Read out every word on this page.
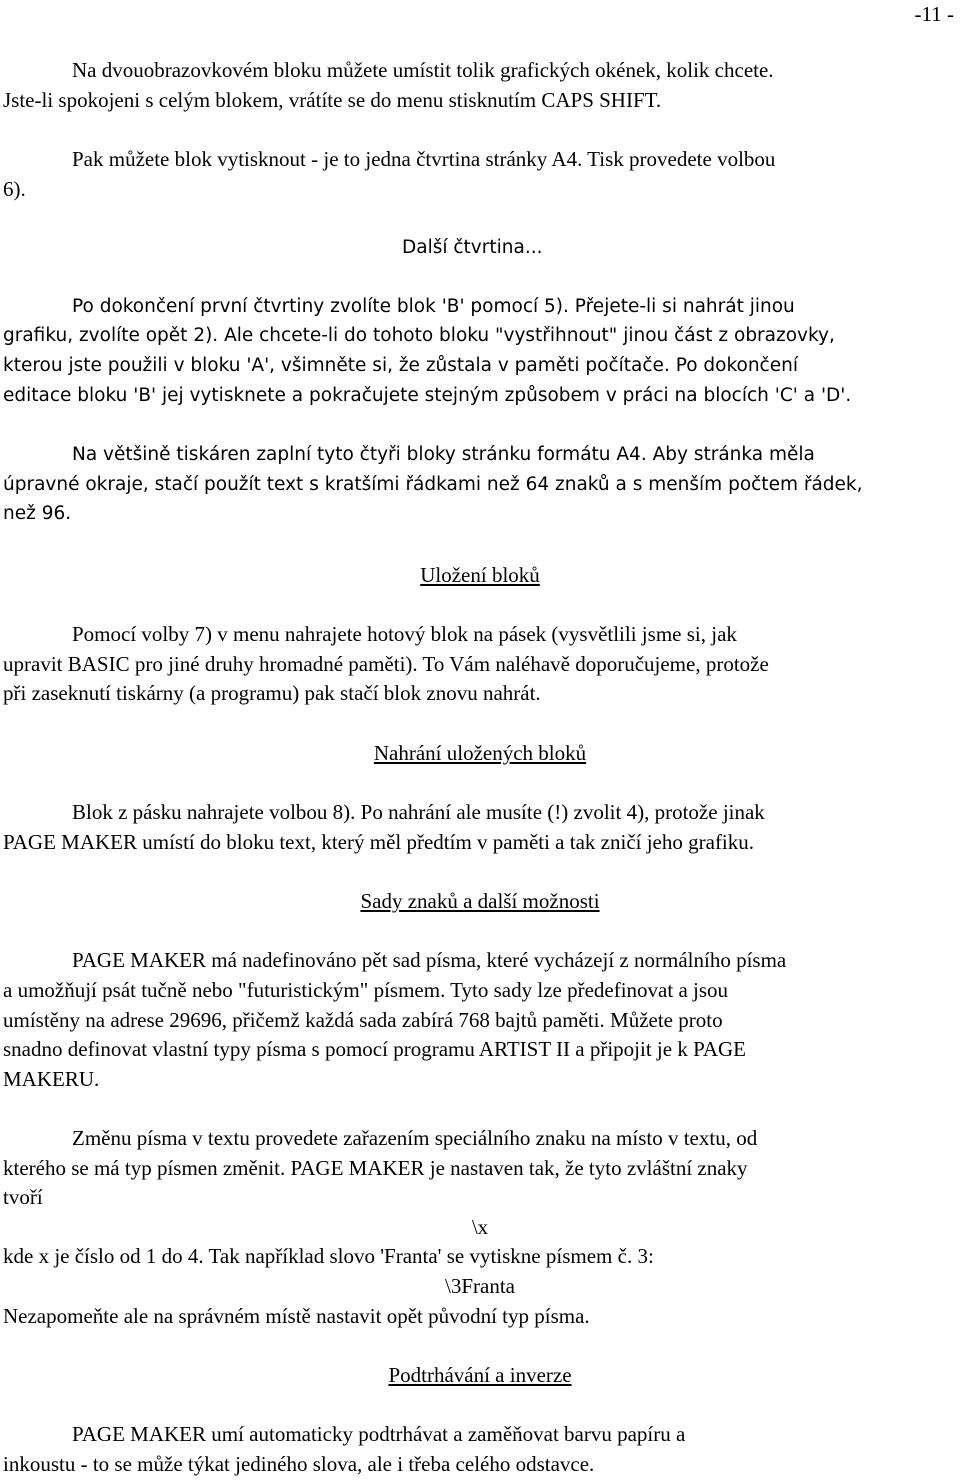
-11 -
Na dvouobrazovkovém bloku můžete umístit tolik grafických okének, kolik chcete.
Jste-li spokojeni s celým blokem, vrátíte se do menu stisknutím CAPS SHIFT.
Pak můžete blok vytisknout - je to jedna čtvrtina stránky A4. Tisk provedete volbou
6).
Další čtvrtina...
Po dokončení první čtvrtiny zvolíte blok 'B' pomocí 5). Přejete-li si nahrát jinou
grafiku, zvolíte opět 2). Ale chcete-li do tohoto bloku "vystřihnout" jinou část z obrazovky,
kterou jste použili v bloku 'A', všimněte si, že zůstala v paměti počítače. Po dokončení
editace bloku 'B' jej vytisknete a pokračujete stejným způsobem v práci na blocích 'C' a 'D'.
Na většině tiskáren zaplní tyto čtyři bloky stránku formátu A4. Aby stránka měla
úpravné okraje, stačí použít text s kratšími řádkami než 64 znaků a s menším počtem řádek,
než 96.
Uložení bloků
Pomocí volby 7) v menu nahrajete hotový blok na pásek (vysvětlili jsme si, jak
upravit BASIC pro jiné druhy hromadné paměti). To Vám naléhavě doporučujeme, protože
při zaseknutí tiskárny (a programu) pak stačí blok znovu nahrát.
Nahrání uložených bloků
Blok z pásku nahrajete volbou 8). Po nahrání ale musíte (!) zvolit 4), protože jinak
PAGE MAKER umístí do bloku text, který měl předtím v paměti a tak zničí jeho grafiku.
Sady znaků a další možnosti
PAGE MAKER má nadefinováno pět sad písma, které vycházejí z normálního písma
a umožňují psát tučně nebo "futuristickým" písmem. Tyto sady lze předefinovat a jsou
umístěny na adrese 29696, přičemž každá sada zabírá 768 bajtů paměti. Můžete proto
snadno definovat vlastní typy písma s pomocí programu ARTIST II a připojit je k PAGE
MAKERU.
Změnu písma v textu provedete zařazením speciálního znaku na místo v textu, od
kterého se má typ písmen změnit. PAGE MAKER je nastaven tak, že tyto zvláštní znaky
tvoří
\x
kde x je číslo od 1 do 4. Tak například slovo 'Franta' se vytiskne písmem č. 3:
\3Franta
Nezapomeňte ale na správném místě nastavit opět původní typ písma.
Podtrhávání a inverze
PAGE MAKER umí automaticky podtrhávat a zaměňovat barvu papíru a
inkoustu - to se může týkat jediného slova, ale i třeba celého odstavce.
